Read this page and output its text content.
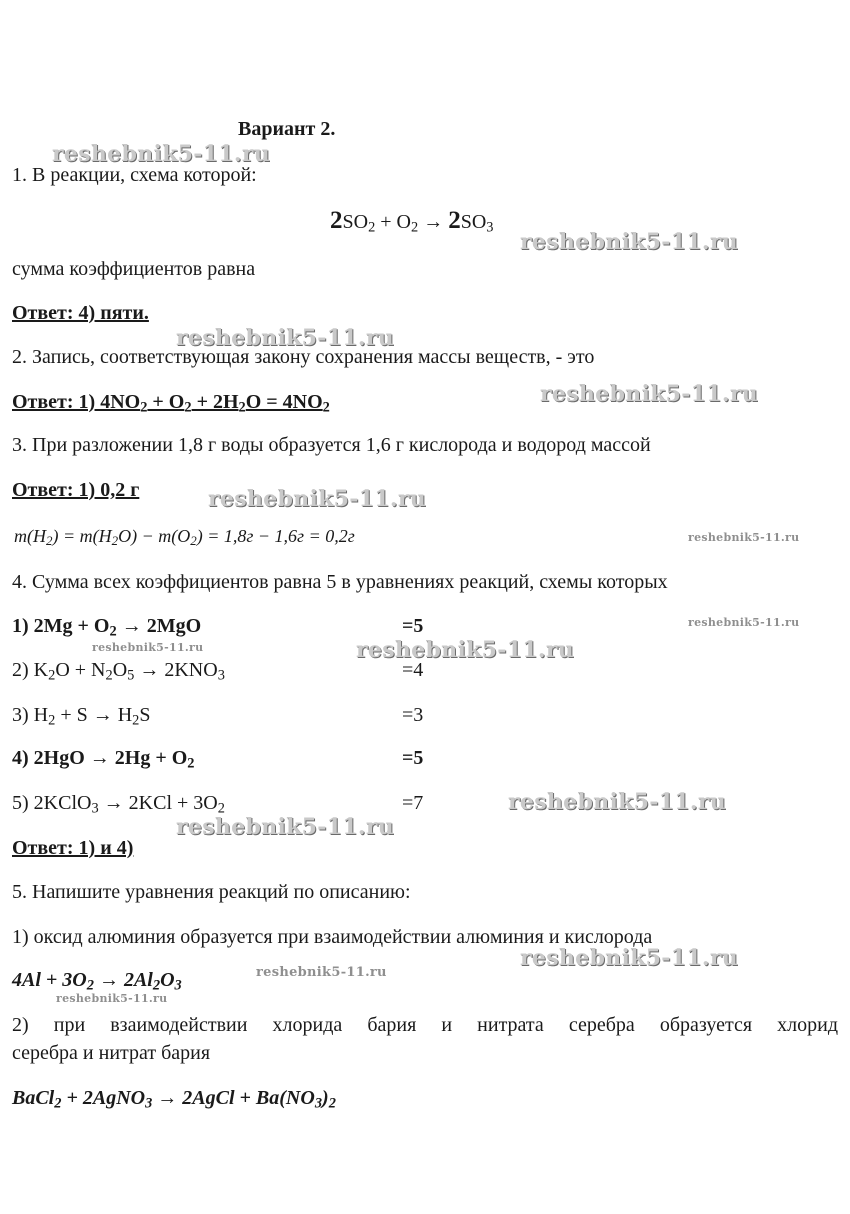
Вариант 2.
1. В реакции, схема которой:
$2SO_2 + O_2 \to 2SO_3$
сумма коэффициентов равна
Ответ: 4) пяти.
2. Запись, соответствующая закону сохранения массы веществ, - это
Ответ: 1) $4NO_2 + O_2 + 2H_2O = 4NO_2$
3. При разложении 1,8 г воды образуется 1,6 г кислорода и водород массой
Ответ: 1) 0,2 г
$m(H_2) = m(H_2O) - m(O_2) = 1,8г - 1,6г = 0,2г$
4. Сумма всех коэффициентов равна 5 в уравнениях реакций, схемы которых
1) $2Mg + O_2 \to 2MgO$	=5
2) $K_2O + N_2O_5 \to 2KNO_3$	=4
3) $H_2 + S \to H_2S$	=3
4) $2HgO \to 2Hg + O_2$	=5
5) 2KClO$_3$ → $2KCl + 3O_2$	=7
Ответ: 1) и 4)
5. Напишите уравнения реакций по описанию:
1) оксид алюминия образуется при взаимодействии алюминия и кислорода
$4Al + 3O_2 \to 2Al_2O_3$
2) при взаимодействии хлорида бария и нитрата серебра образуется хлорид
серебра и нитрат бария
BaCl$_2$ + 2AgNO$_3$ → 2AgCl + $Ba(NO_3)_2$
reshebnik5-11.ru
reshebnik5-11.ru
reshebnik5-11.ru
reshebnik5-11.ru
reshebnik5-11.ru
reshebnik5-11.ru
reshebnik5-11.ru
reshebnik5-11.ru	reshebnik5-11.ru
reshebnik5-11.ru
reshebnik5-11.ru
reshebnik5-11.ru
reshebnik5-11.ru
reshebnik5-11.ru
